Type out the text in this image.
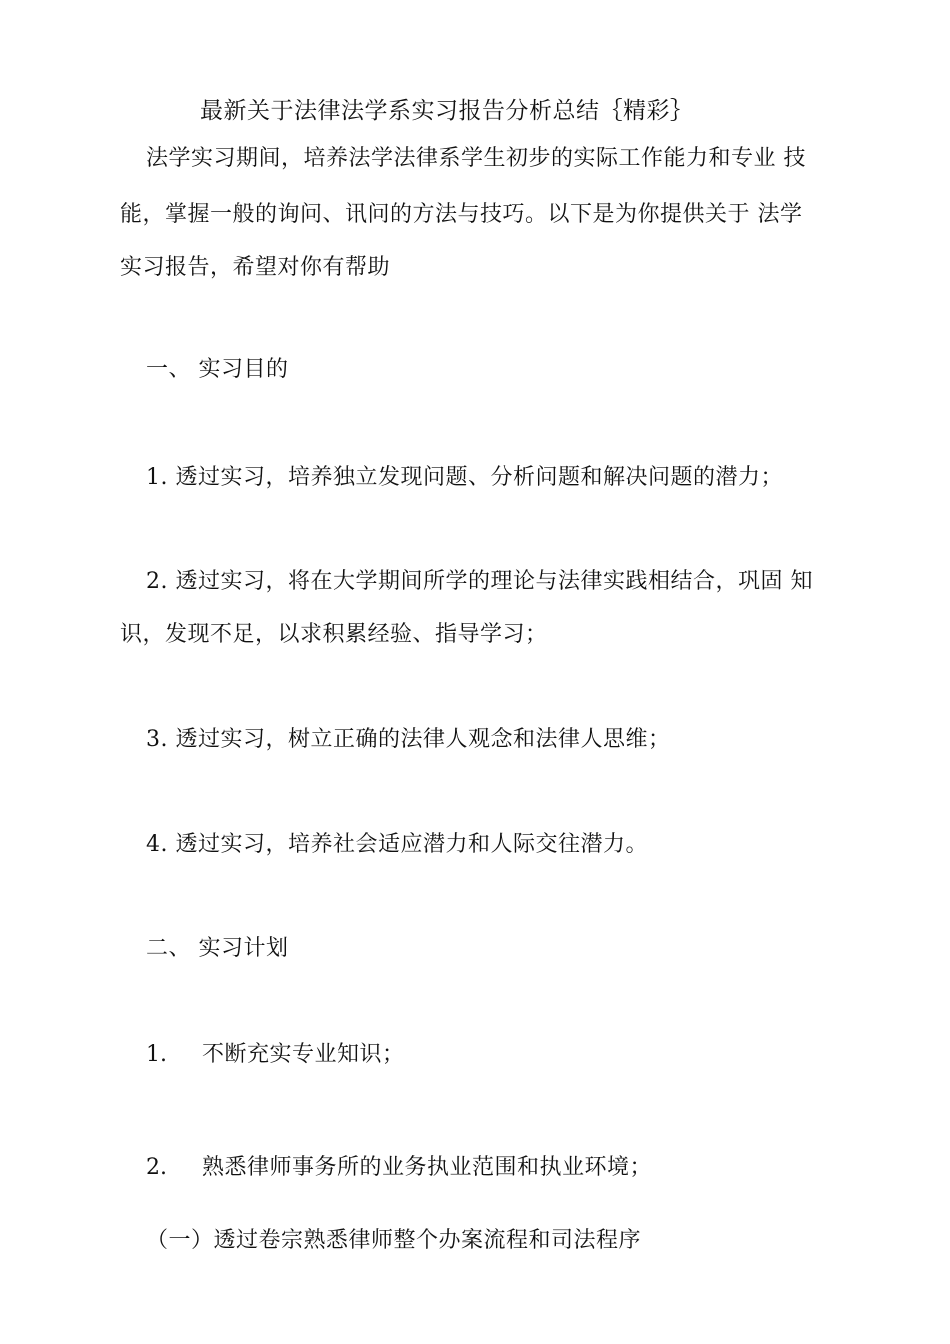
最新关于法律法学系实习报告分析总结｛精彩｝
法学实习期间，培养法学法律系学生初步的实际工作能力和专业 技
能，掌握一般的询问、讯问的方法与技巧。以下是为你提供关于 法学
实习报告，希望对你有帮助
一、 实习目的
1. 透过实习，培养独立发现问题、分析问题和解决问题的潜力；
2. 透过实习，将在大学期间所学的理论与法律实践相结合，巩固 知
识，发现不足，以求积累经验、指导学习；
3. 透过实习，树立正确的法律人观念和法律人思维；
4. 透过实习，培养社会适应潜力和人际交往潜力。
二、 实习计划
1. 不断充实专业知识；
2. 熟悉律师事务所的业务执业范围和执业环境；
（一）透过卷宗熟悉律师整个办案流程和司法程序
